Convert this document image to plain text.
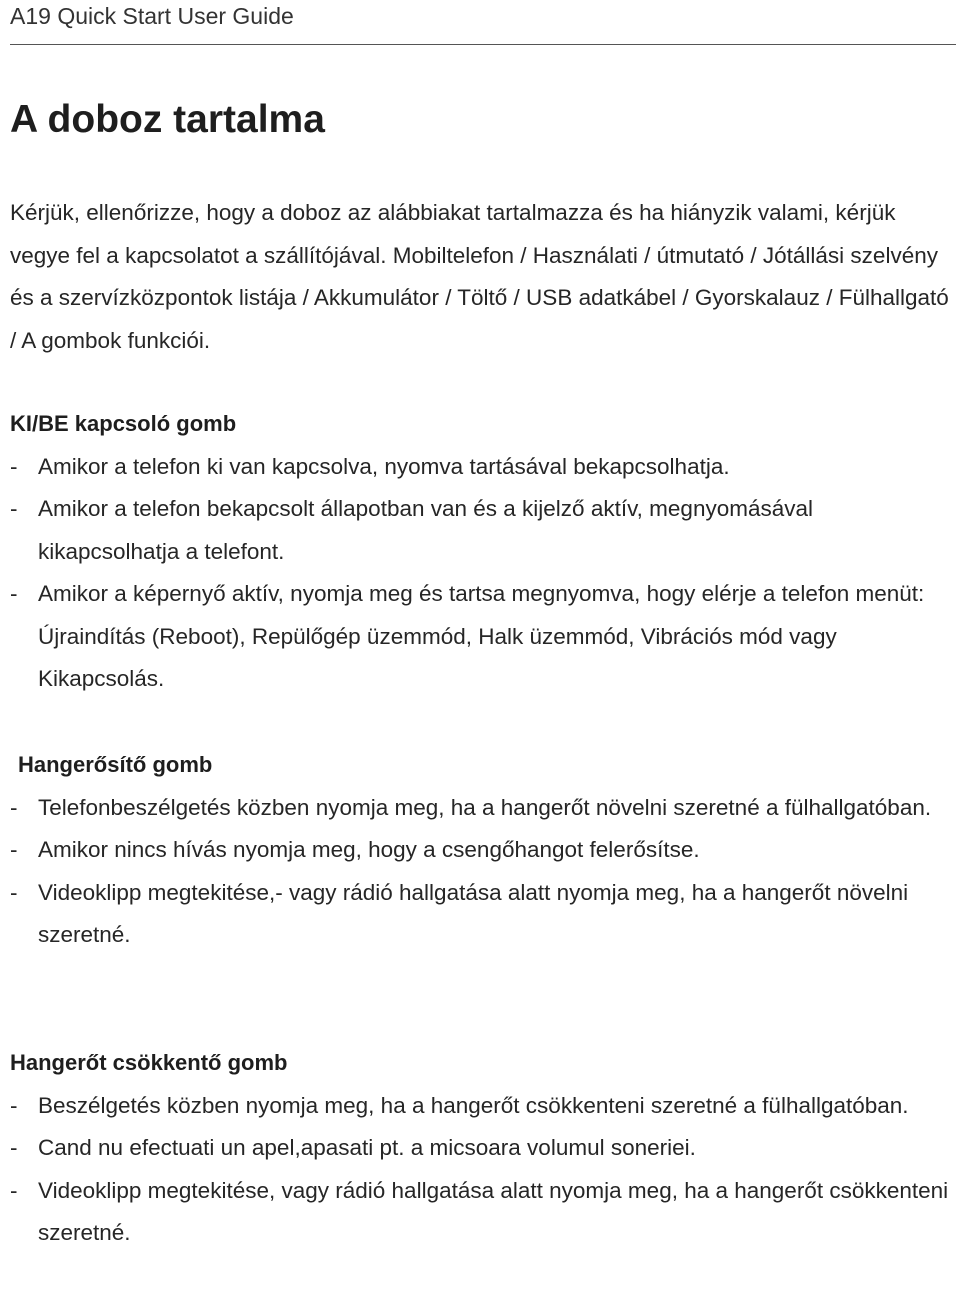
A19 Quick Start User Guide
A doboz tartalma

Kérjük, ellenőrizze, hogy a doboz az alábbiakat tartalmazza és ha hiányzik valami, kérjük vegye fel a kapcsolatot a szállítójával. Mobiltelefon / Használati / útmutató / Jótállási szelvény és a szervízközpontok listája / Akkumulátor / Töltő / USB adatkábel / Gyorskalauz / Fülhallgató / A gombok funkciói.

KI/BE kapcsoló gomb
- Amikor a telefon ki van kapcsolva, nyomva tartásával bekapcsolhatja.
- Amikor a telefon bekapcsolt állapotban van és a kijelző aktív, megnyomásával kikapcsolhatja a telefont.
- Amikor a képernyő aktív, nyomja meg és tartsa megnyomva, hogy elérje a telefon menüt: Újraindítás (Reboot), Repülőgép üzemmód, Halk üzemmód, Vibrációs mód vagy Kikapcsolás.
Hangerősítő gomb
- Telefonbeszélgetés közben nyomja meg, ha a hangerőt növelni szeretné a fülhallgatóban.
- Amikor nincs hívás nyomja meg, hogy a csengőhangot felerősítse.
- Videoklipp megtekitése,- vagy rádió hallgatása alatt nyomja meg, ha a hangerőt növelni szeretné.
Hangerőt csökkentő gomb
- Beszélgetés közben nyomja meg, ha a hangerőt csökkenteni szeretné a fülhallgatóban.
- Cand nu efectuati un apel,apasati pt. a micsoara volumul soneriei.
- Videoklipp megtekitése, vagy rádió hallgatása alatt nyomja meg, ha a hangerőt csökkenteni szeretné.
